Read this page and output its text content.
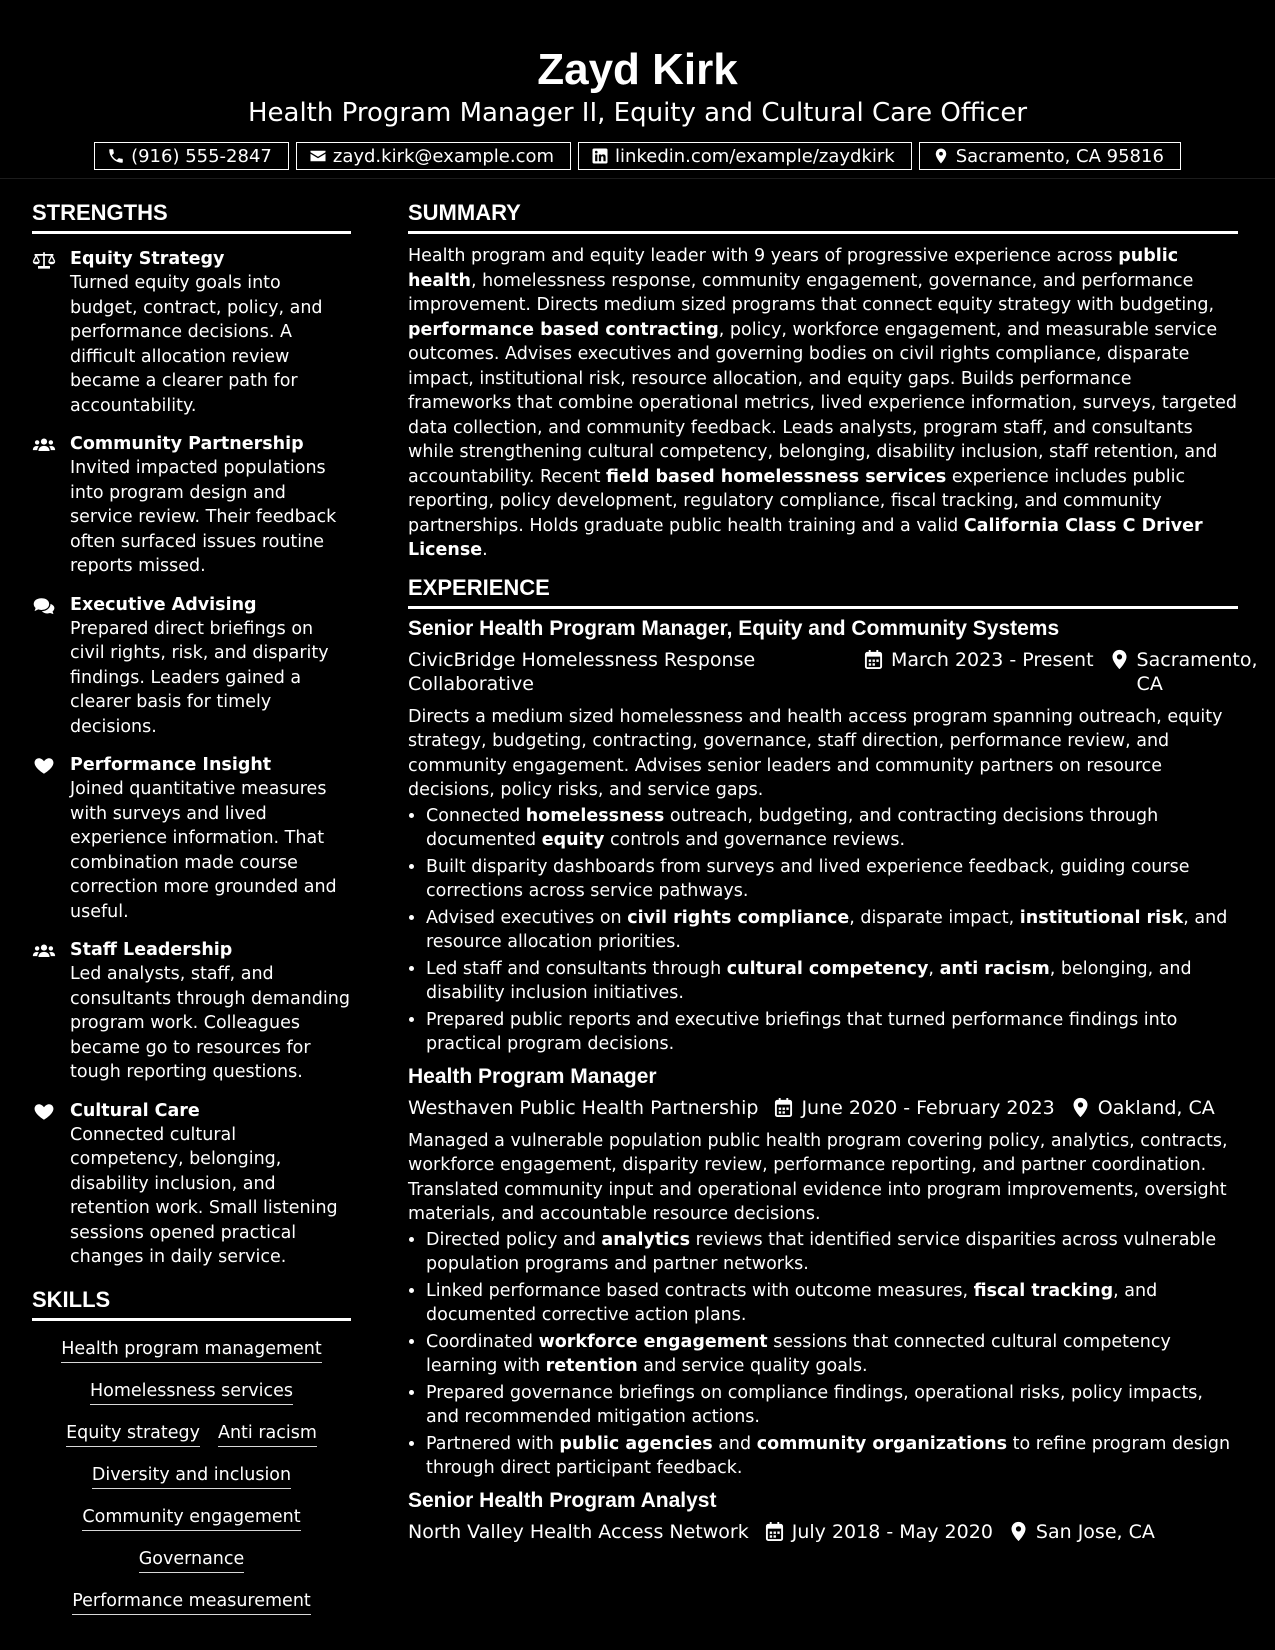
Zayd Kirk
Health Program Manager II, Equity and Cultural Care Officer
(916) 555-2847	zayd.kirk@example.com	linkedin.com/example/zaydkirk	Sacramento, CA 95816
STRENGTHS
Equity Strategy
Turned equity goals into budget, contract, policy, and performance decisions. A difficult allocation review became a clearer path for accountability.
Community Partnership
Invited impacted populations into program design and service review. Their feedback often surfaced issues routine reports missed.
Executive Advising
Prepared direct briefings on civil rights, risk, and disparity findings. Leaders gained a clearer basis for timely decisions.
Performance Insight
Joined quantitative measures with surveys and lived experience information. That combination made course correction more grounded and useful.
Staff Leadership
Led analysts, staff, and consultants through demanding program work. Colleagues became go to resources for tough reporting questions.
Cultural Care
Connected cultural competency, belonging, disability inclusion, and retention work. Small listening sessions opened practical changes in daily service.
SKILLS
Health program management
Homelessness services
Equity strategy Anti racism
Diversity and inclusion
Community engagement
Governance
Performance measurement
SUMMARY

Health program and equity leader with 9 years of progressive experience across public health, homelessness response, community engagement, governance, and performance improvement. Directs medium sized programs that connect equity strategy with budgeting, performance based contracting, policy, workforce engagement, and measurable service outcomes. Advises executives and governing bodies on civil rights compliance, disparate impact, institutional risk, resource allocation, and equity gaps. Builds performance frameworks that combine operational metrics, lived experience information, surveys, targeted data collection, and community feedback. Leads analysts, program staff, and consultants while strengthening cultural competency, belonging, disability inclusion, staff retention, and accountability. Recent field based homelessness services experience includes public reporting, policy development, regulatory compliance, fiscal tracking, and community partnerships. Holds graduate public health training and a valid California Class C Driver License.

EXPERIENCE
Senior Health Program Manager, Equity and Community Systems
CivicBridge Homelessness Response Collaborative
March 2023 - Present Sacramento, CA
Directs a medium sized homelessness and health access program spanning outreach, equity strategy, budgeting, contracting, governance, staff direction, performance review, and community engagement. Advises senior leaders and community partners on resource decisions, policy risks, and service gaps.
• Connected homelessness outreach, budgeting, and contracting decisions through documented equity controls and governance reviews.
• Built disparity dashboards from surveys and lived experience feedback, guiding course corrections across service pathways.
• Advised executives on civil rights compliance, disparate impact, institutional risk, and resource allocation priorities.
• Led staff and consultants through cultural competency, anti racism, belonging, and disability inclusion initiatives.
• Prepared public reports and executive briefings that turned performance findings into practical program decisions.
Health Program Manager
Westhaven Public Health Partnership June 2020 - February 2023 Oakland, CA
Managed a vulnerable population public health program covering policy, analytics, contracts, workforce engagement, disparity review, performance reporting, and partner coordination. Translated community input and operational evidence into program improvements, oversight materials, and accountable resource decisions.
• Directed policy and analytics reviews that identified service disparities across vulnerable population programs and partner networks.
• Linked performance based contracts with outcome measures, fiscal tracking, and documented corrective action plans.
• Coordinated workforce engagement sessions that connected cultural competency learning with retention and service quality goals.
• Prepared governance briefings on compliance findings, operational risks, policy impacts, and recommended mitigation actions.
• Partnered with public agencies and community organizations to refine program design through direct participant feedback.
Senior Health Program Analyst
North Valley Health Access Network July 2018 - May 2020 San Jose, CA
